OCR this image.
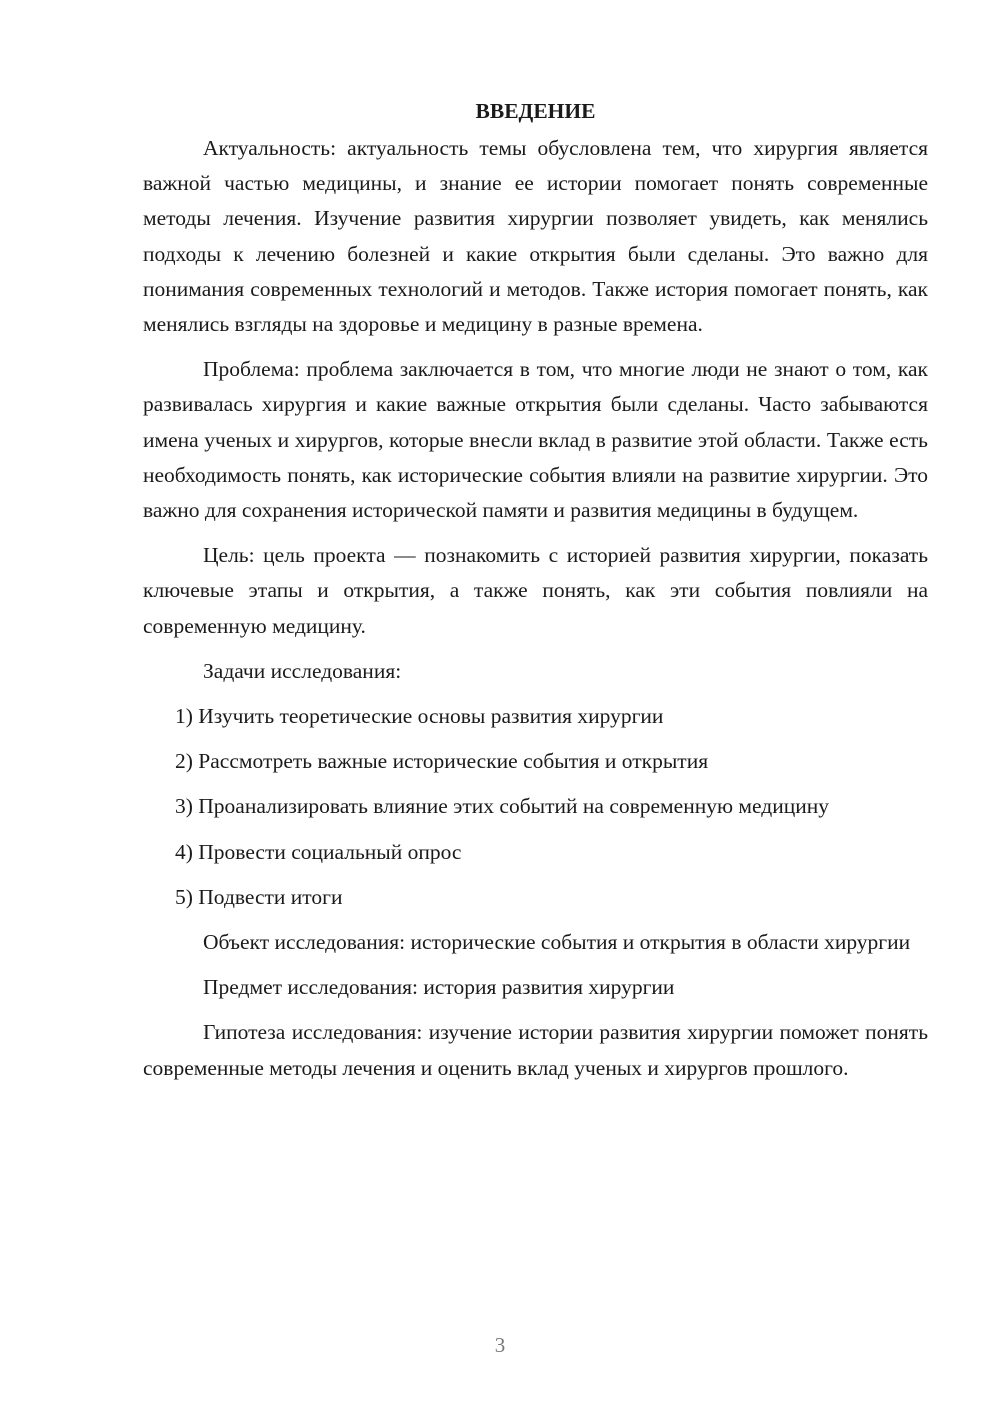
ВВЕДЕНИЕ

Актуальность: актуальность темы обусловлена тем, что хирургия является важной частью медицины, и знание ее истории помогает понять современные методы лечения. Изучение развития хирургии позволяет увидеть, как менялись подходы к лечению болезней и какие открытия были сделаны. Это важно для понимания современных технологий и методов. Также история помогает понять, как менялись взгляды на здоровье и медицину в разные времена.

Проблема: проблема заключается в том, что многие люди не знают о том, как развивалась хирургия и какие важные открытия были сделаны. Часто забываются имена ученых и хирургов, которые внесли вклад в развитие этой области. Также есть необходимость понять, как исторические события влияли на развитие хирургии. Это важно для сохранения исторической памяти и развития медицины в будущем.

Цель: цель проекта — познакомить с историей развития хирургии, показать ключевые этапы и открытия, а также понять, как эти события повлияли на современную медицину.

Задачи исследования:

1) Изучить теоретические основы развития хирургии

2) Рассмотреть важные исторические события и открытия

3) Проанализировать влияние этих событий на современную медицину

4) Провести социальный опрос

5) Подвести итоги

Объект исследования: исторические события и открытия в области хирургии

Предмет исследования: история развития хирургии

Гипотеза исследования: изучение истории развития хирургии поможет понять современные методы лечения и оценить вклад ученых и хирургов прошлого.

3
